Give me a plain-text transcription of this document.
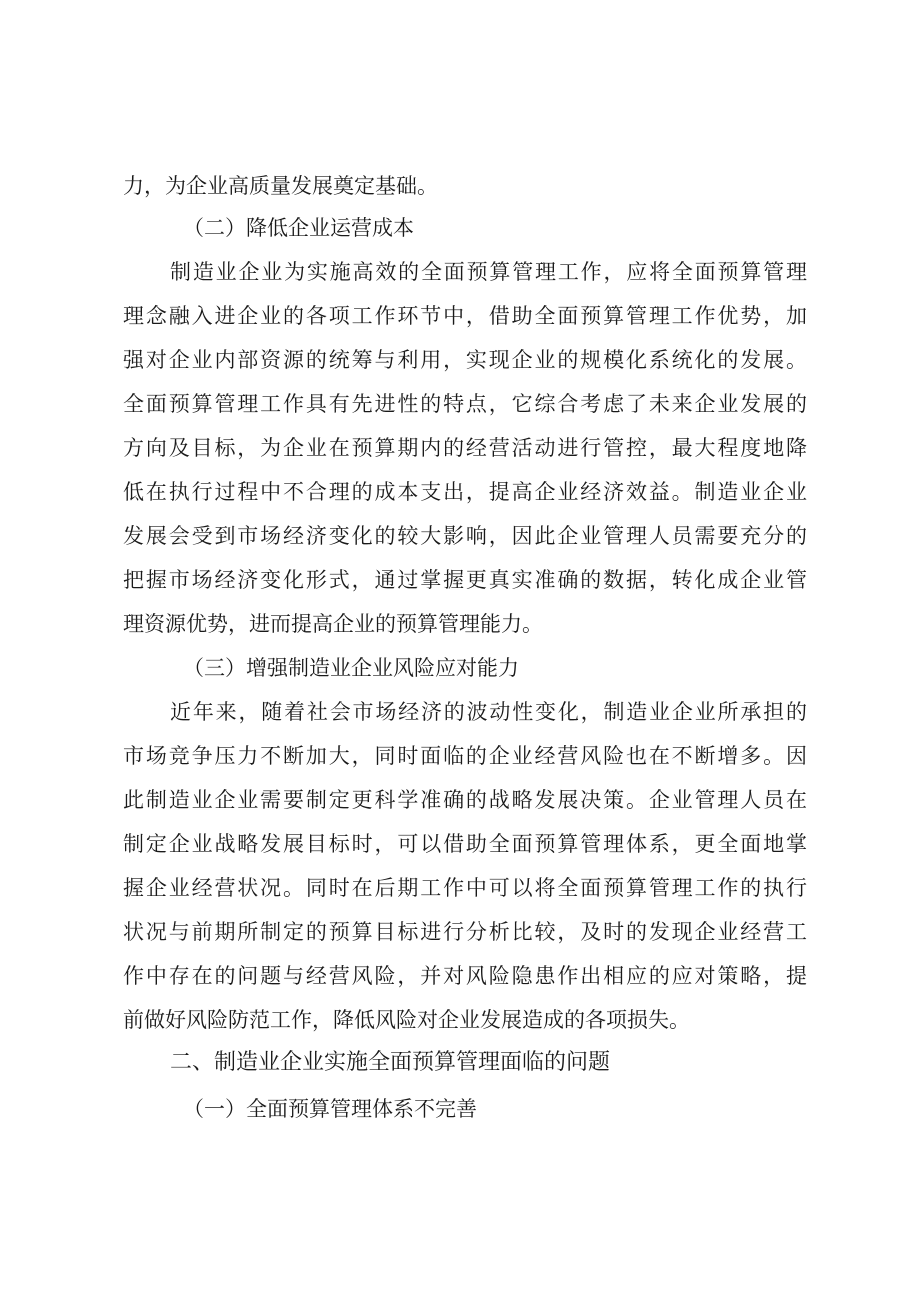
力，为企业高质量发展奠定基础。
（二）降低企业运营成本
制造业企业为实施高效的全面预算管理工作，应将全面预算管理
理念融入进企业的各项工作环节中，借助全面预算管理工作优势，加
强对企业内部资源的统筹与利用，实现企业的规模化系统化的发展。
全面预算管理工作具有先进性的特点，它综合考虑了未来企业发展的
方向及目标，为企业在预算期内的经营活动进行管控，最大程度地降
低在执行过程中不合理的成本支出，提高企业经济效益。制造业企业
发展会受到市场经济变化的较大影响，因此企业管理人员需要充分的
把握市场经济变化形式，通过掌握更真实准确的数据，转化成企业管
理资源优势，进而提高企业的预算管理能力。
（三）增强制造业企业风险应对能力
近年来，随着社会市场经济的波动性变化，制造业企业所承担的
市场竞争压力不断加大，同时面临的企业经营风险也在不断增多。因
此制造业企业需要制定更科学准确的战略发展决策。企业管理人员在
制定企业战略发展目标时，可以借助全面预算管理体系，更全面地掌
握企业经营状况。同时在后期工作中可以将全面预算管理工作的执行
状况与前期所制定的预算目标进行分析比较，及时的发现企业经营工
作中存在的问题与经营风险，并对风险隐患作出相应的应对策略，提
前做好风险防范工作，降低风险对企业发展造成的各项损失。
二、制造业企业实施全面预算管理面临的问题
（一）全面预算管理体系不完善
